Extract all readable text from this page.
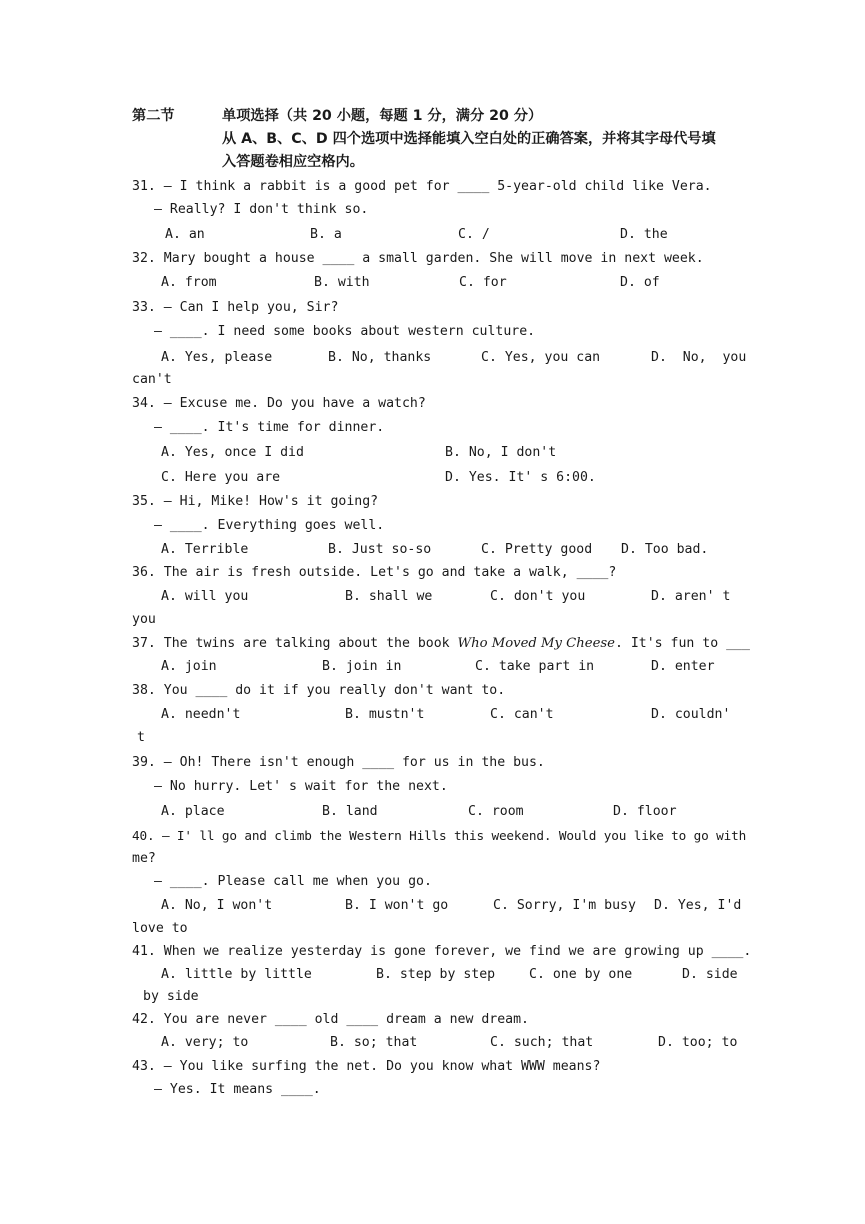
第二节	单项选择（共 20 小题，每题 1 分，满分 20 分）
从 A、B、C、D 四个选项中选择能填入空白处的正确答案，并将其字母代号填
入答题卷相应空格内。
31. — I think a rabbit is a good pet for ____ 5-year-old child like Vera.
— Really? I don't think so.
A. an	B. a	C. /	D. the
32. Mary bought a house ____ a small garden. She will move in next week.
A. from	B. with	C. for	D. of
33. — Can I help you, Sir?
— ____. I need some books about western culture.
A. Yes, please	B. No, thanks	C. Yes, you can	D.  No,  you
can't
34. — Excuse me. Do you have a watch?
— ____. It's time for dinner.
A. Yes, once I did	B. No, I don't
C. Here you are	D. Yes. It' s 6:00.
35. — Hi, Mike! How's it going?
— ____. Everything goes well.
A. Terrible	B. Just so-so	C. Pretty good D. Too bad.
36. The air is fresh outside. Let's go and take a walk, ____?
A. will you	B. shall we	C. don't you	D. aren' t
you
37. The twins are talking about the book Who Moved My Cheese. It's fun to ___
A. join	B. join in	C. take part in	D. enter
38. You ____ do it if you really don't want to.
A. needn't	B. mustn't	C. can't	D. couldn'
t
39. — Oh! There isn't enough ____ for us in the bus.
— No hurry. Let' s wait for the next.
A. place	B. land	C. room	D. floor
40. — I' ll go and climb the Western Hills this weekend. Would you like to go with
me?
— ____. Please call me when you go.
A. No, I won't	B. I won't go	C. Sorry, I'm busy D. Yes, I'd
love to
41. When we realize yesterday is gone forever, we find we are growing up ____.
A. little by little	B. step by step	C. one by one	D. side
by side
42. You are never ____ old ____ dream a new dream.
A. very; to	B. so; that	C. such; that	D. too; to
43. — You like surfing the net. Do you know what WWW means?
— Yes. It means ____.
